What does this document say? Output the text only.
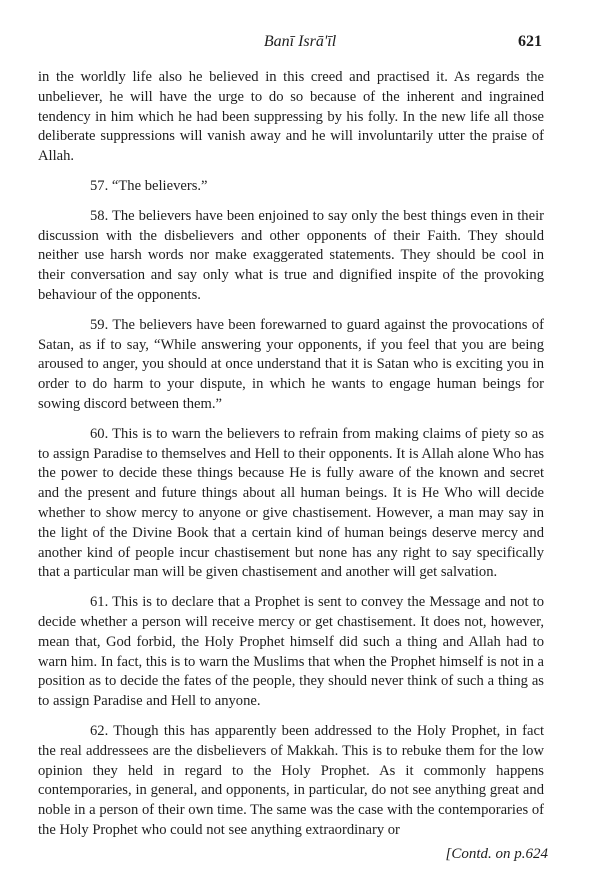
Banī Isrā'īl	621

in the worldly life also he believed in this creed and practised it. As regards the unbeliever, he will have the urge to do so because of the inherent and ingrained tendency in him which he had been suppressing by his folly. In the new life all those deliberate suppressions will vanish away and he will involuntarily utter the praise of Allah.

57. “The believers.”

58. The believers have been enjoined to say only the best things even in their discussion with the disbelievers and other opponents of their Faith. They should neither use harsh words nor make exaggerated statements. They should be cool in their conversation and say only what is true and dignified inspite of the provoking behaviour of the opponents.

59. The believers have been forewarned to guard against the provocations of Satan, as if to say, “While answering your opponents, if you feel that you are being aroused to anger, you should at once understand that it is Satan who is exciting you in order to do harm to your dispute, in which he wants to engage human beings for sowing discord between them.”

60. This is to warn the believers to refrain from making claims of piety so as to assign Paradise to themselves and Hell to their opponents. It is Allah alone Who has the power to decide these things because He is fully aware of the known and secret and the present and future things about all human beings. It is He Who will decide whether to show mercy to anyone or give chastisement. However, a man may say in the light of the Divine Book that a certain kind of human beings deserve mercy and another kind of people incur chastisement but none has any right to say specifically that a particular man will be given chastisement and another will get salvation.

61. This is to declare that a Prophet is sent to convey the Message and not to decide whether a person will receive mercy or get chastisement. It does not, however, mean that, God forbid, the Holy Prophet himself did such a thing and Allah had to warn him. In fact, this is to warn the Muslims that when the Prophet himself is not in a position as to decide the fates of the people, they should never think of such a thing as to assign Paradise and Hell to anyone.

62. Though this has apparently been addressed to the Holy Prophet, in fact the real addressees are the disbelievers of Makkah. This is to rebuke them for the low opinion they held in regard to the Holy Prophet. As it commonly happens contemporaries, in general, and opponents, in particular, do not see anything great and noble in a person of their own time. The same was the case with the contemporaries of the Holy Prophet who could not see anything extraordinary or

[Contd. on p.624
